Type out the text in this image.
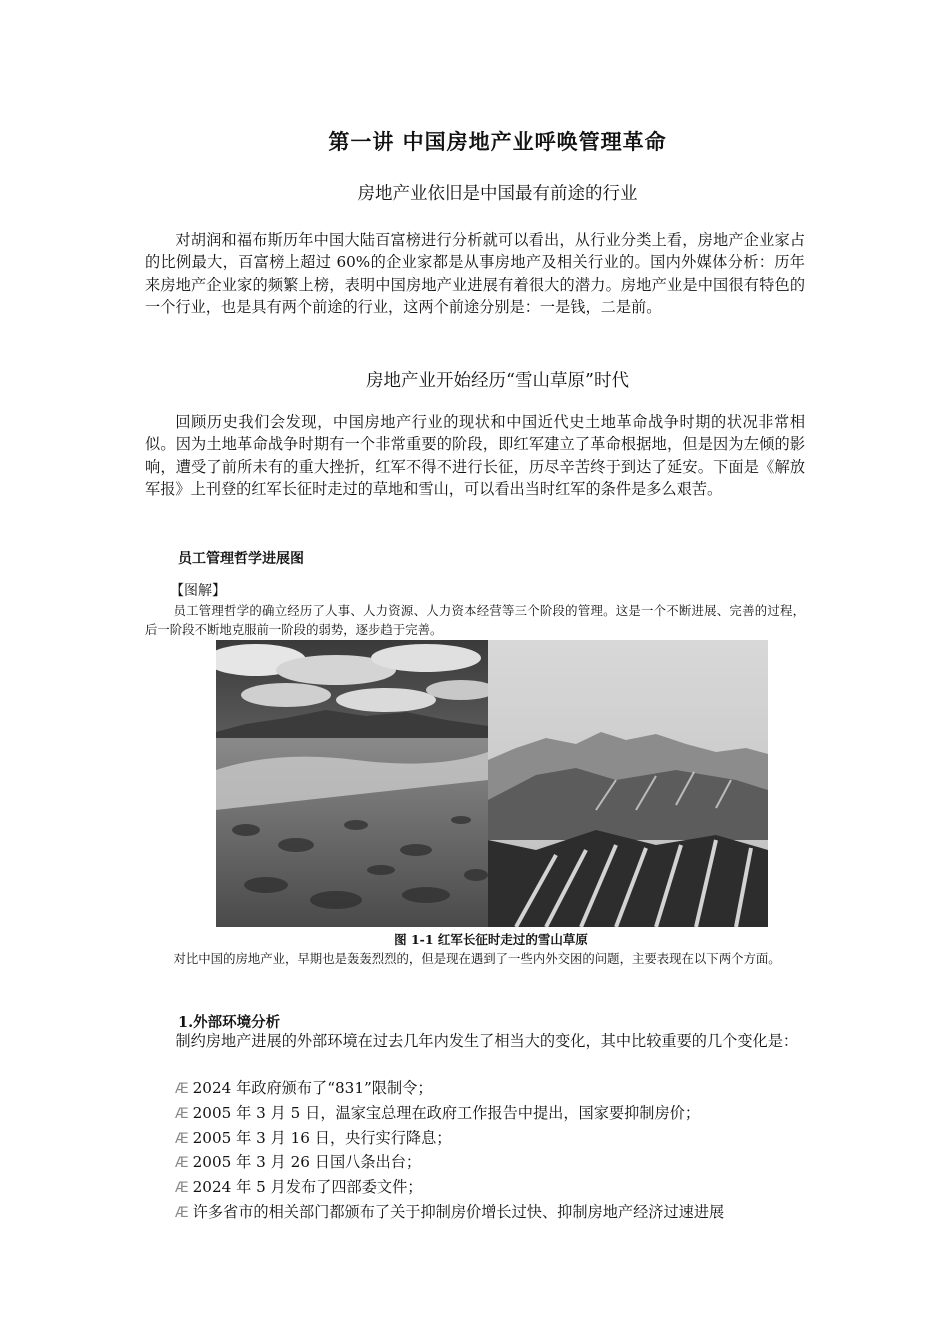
第一讲 中国房地产业呼唤管理革命
房地产业依旧是中国最有前途的行业

对胡润和福布斯历年中国大陆百富榜进行分析就可以看出，从行业分类上看，房地产企业家占的比例最大，百富榜上超过 60%的企业家都是从事房地产及相关行业的。国内外媒体分析：历年来房地产企业家的频繁上榜，表明中国房地产业进展有着很大的潜力。房地产业是中国很有特色的一个行业，也是具有两个前途的行业，这两个前途分别是：一是钱，二是前。

房地产业开始经历“雪山草原”时代

回顾历史我们会发现，中国房地产行业的现状和中国近代史土地革命战争时期的状况非常相似。因为土地革命战争时期有一个非常重要的阶段，即红军建立了革命根据地，但是因为左倾的影响，遭受了前所未有的重大挫折，红军不得不进行长征，历尽辛苦终于到达了延安。下面是《解放军报》上刊登的红军长征时走过的草地和雪山，可以看出当时红军的条件是多么艰苦。

员工管理哲学进展图

【图解】

员工管理哲学的确立经历了人事、人力资源、人力资本经营等三个阶段的管理。这是一个不断进展、完善的过程，后一阶段不断地克服前一阶段的弱势，逐步趋于完善。

图 1-1 红军长征时走过的雪山草原

对比中国的房地产业，早期也是轰轰烈烈的，但是现在遇到了一些内外交困的问题，主要表现在以下两个方面。

1.外部环境分析

制约房地产进展的外部环境在过去几年内发生了相当大的变化，其中比较重要的几个变化是：

Æ 2024 年政府颁布了“831”限制令；
Æ 2005 年 3 月 5 日，温家宝总理在政府工作报告中提出，国家要抑制房价；
Æ 2005 年 3 月 16 日，央行实行降息；
Æ 2005 年 3 月 26 日国八条出台；
Æ 2024 年 5 月发布了四部委文件；
Æ 许多省市的相关部门都颁布了关于抑制房价增长过快、抑制房地产经济过速进展
